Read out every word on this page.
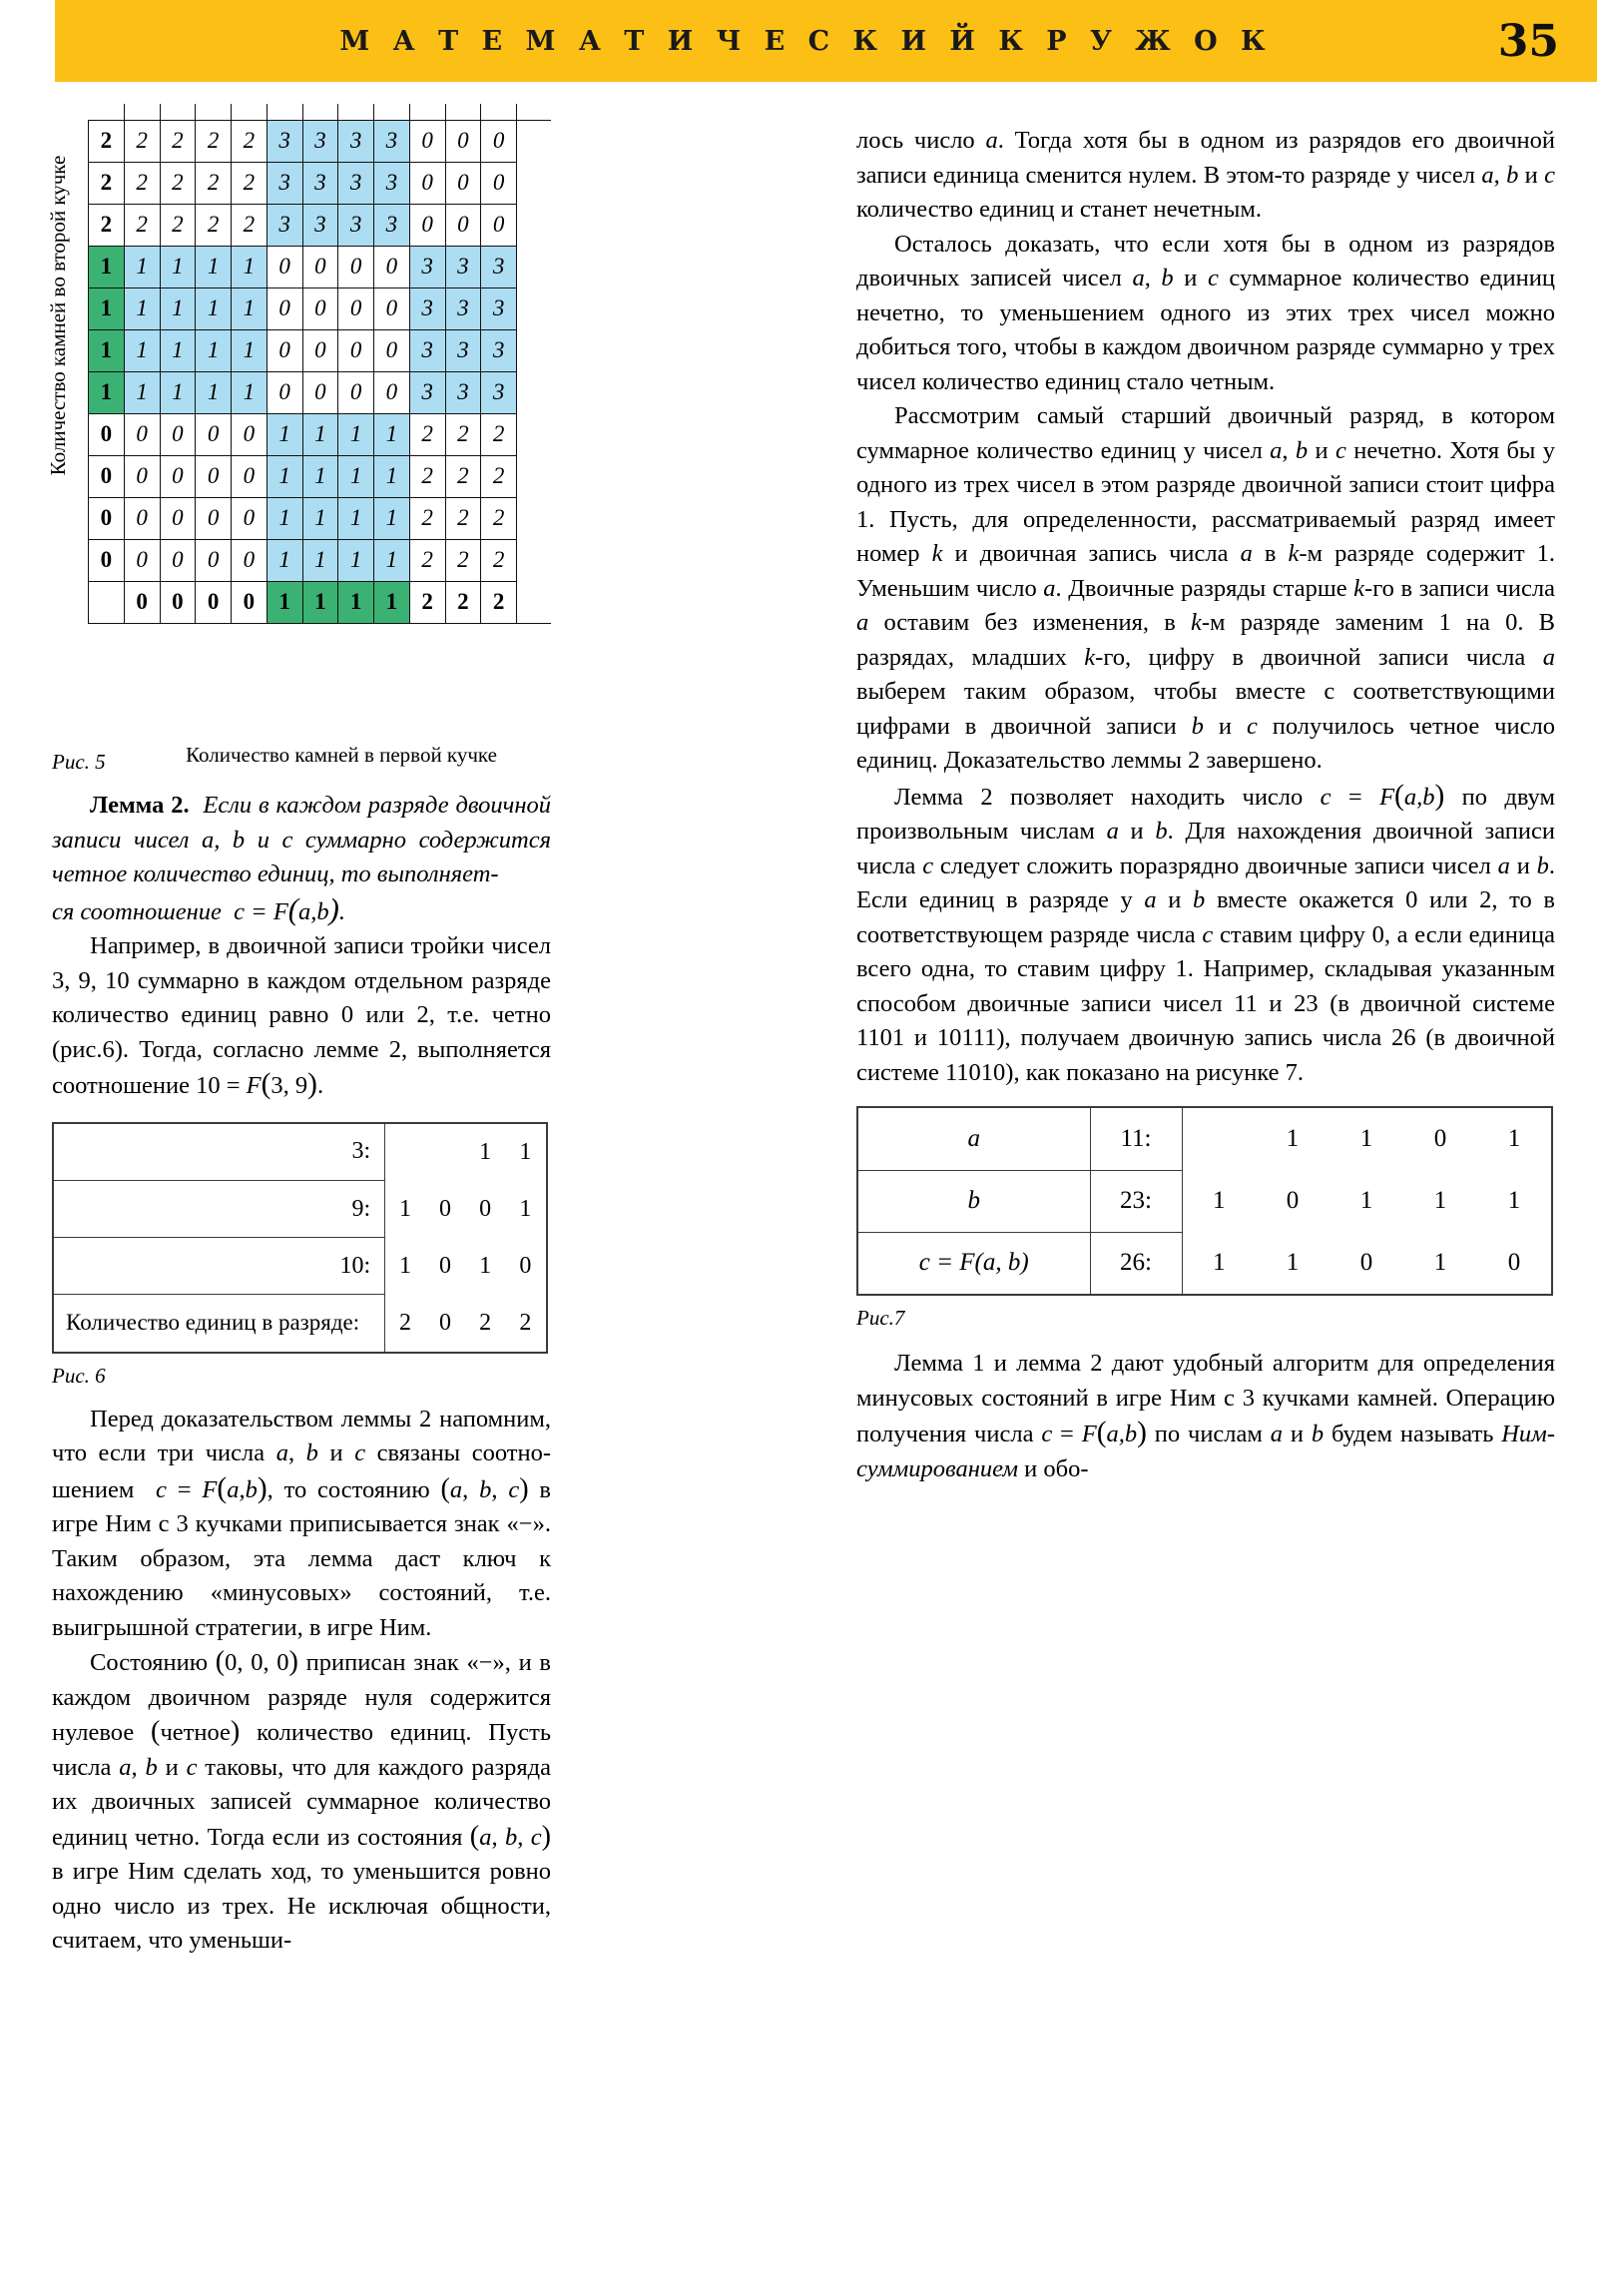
М А Т Е М А Т И Ч Е С К И Й К Р У Ж О К	35
Количество камней во второй кучке

2	2	2	2	2	3	3	3	3	0	0	0	
2	2	2	2	2	3	3	3	3	0	0	0	
2	2	2	2	2	3	3	3	3	0	0	0	
1	1	1	1	1	0	0	0	0	3	3	3	
1	1	1	1	1	0	0	0	0	3	3	3	
1	1	1	1	1	0	0	0	0	3	3	3	
1	1	1	1	1	0	0	0	0	3	3	3	
0	0	0	0	0	1	1	1	1	2	2	2	
0	0	0	0	0	1	1	1	1	2	2	2	
0	0	0	0	0	1	1	1	1	2	2	2	
0	0	0	0	0	1	1	1	1	2	2	2	
	0	0	0	0	1	1	1	1	2	2	2	
Количество камней в первой кучке
Рис. 5

Лемма 2.  Если в каждом разряде двоичной записи чисел a, b и c суммарно содержится четное количество единиц, то выполняет-
ся соотношение  c = F(a,b).

Например, в двоичной записи тройки чисел 3, 9, 10 суммарно в каждом отдельном разряде количество единиц равно 0 или 2, т.е. четно (рис.6). Тогда, согласно лемме 2, выполняется соотношение 10 = F(3, 9).

3:			1	1
9:	1	0	0	1
10:	1	0	1	0
Количество единиц в разряде:	2	0	2	2
Рис. 6

Перед доказательством леммы 2 напомним, что если три числа a, b и c связаны соотношением  c = F(a,b), то состоянию (a, b, c) в игре Ним с 3 кучками приписывается знак «−». Таким образом, эта лемма даст ключ к нахождению «минусовых» состояний, т.е. выигрышной стратегии, в игре Ним.

Состоянию (0, 0, 0) приписан знак «−», и в каждом двоичном разряде нуля содержится нулевое (четное) количество единиц. Пусть числа a, b и c таковы, что для каждого разряда их двоичных записей суммарное количество единиц четно. Тогда если из состояния (a, b, c) в игре Ним сделать ход, то уменьшится ровно одно число из трех. Не исключая общности, считаем, что уменьши-

лось число a. Тогда хотя бы в одном из разрядов его двоичной записи единица сменится нулем. В этом-то разряде у чисел a, b и c количество единиц и станет нечетным.

Осталось доказать, что если хотя бы в одном из разрядов двоичных записей чисел a, b и c суммарное количество единиц нечетно, то уменьшением одного из этих трех чисел можно добиться того, чтобы в каждом двоичном разряде суммарно у трех чисел количество единиц стало четным.

Рассмотрим самый старший двоичный разряд, в котором суммарное количество единиц у чисел a, b и c нечетно. Хотя бы у одного из трех чисел в этом разряде двоичной записи стоит цифра 1. Пусть, для определенности, рассматриваемый разряд имеет номер k и двоичная запись числа a в k-м разряде содержит 1. Уменьшим число a. Двоичные разряды старше k-го в записи числа a оставим без изменения, в k-м разряде заменим 1 на 0. В разрядах, младших k-го, цифру в двоичной записи числа a выберем таким образом, чтобы вместе с соответствующими цифрами в двоичной записи b и c получилось четное число единиц. Доказательство леммы 2 завершено.

Лемма 2 позволяет находить число c = F(a,b) по двум произвольным числам a и b. Для нахождения двоичной записи числа c следует сложить поразрядно двоичные записи чисел a и b. Если единиц в разряде у a и b вместе окажется 0 или 2, то в соответствующем разряде числа c ставим цифру 0, а если единица всего одна, то ставим цифру 1. Например, складывая указанным способом двоичные записи чисел 11 и 23 (в двоичной системе 1101 и 10111), получаем двоичную запись числа 26 (в двоичной системе 11010), как показано на рисунке 7.

a	11:		1	1	0	1
b	23:	1	0	1	1	1
c = F(a, b)	26:	1	1	0	1	0
Рис.7

Лемма 1 и лемма 2 дают удобный алгоритм для определения минусовых состояний в игре Ним с 3 кучками камней. Операцию получения числа c = F(a,b) по числам a и b будем называть Ним-суммированием и обо-
